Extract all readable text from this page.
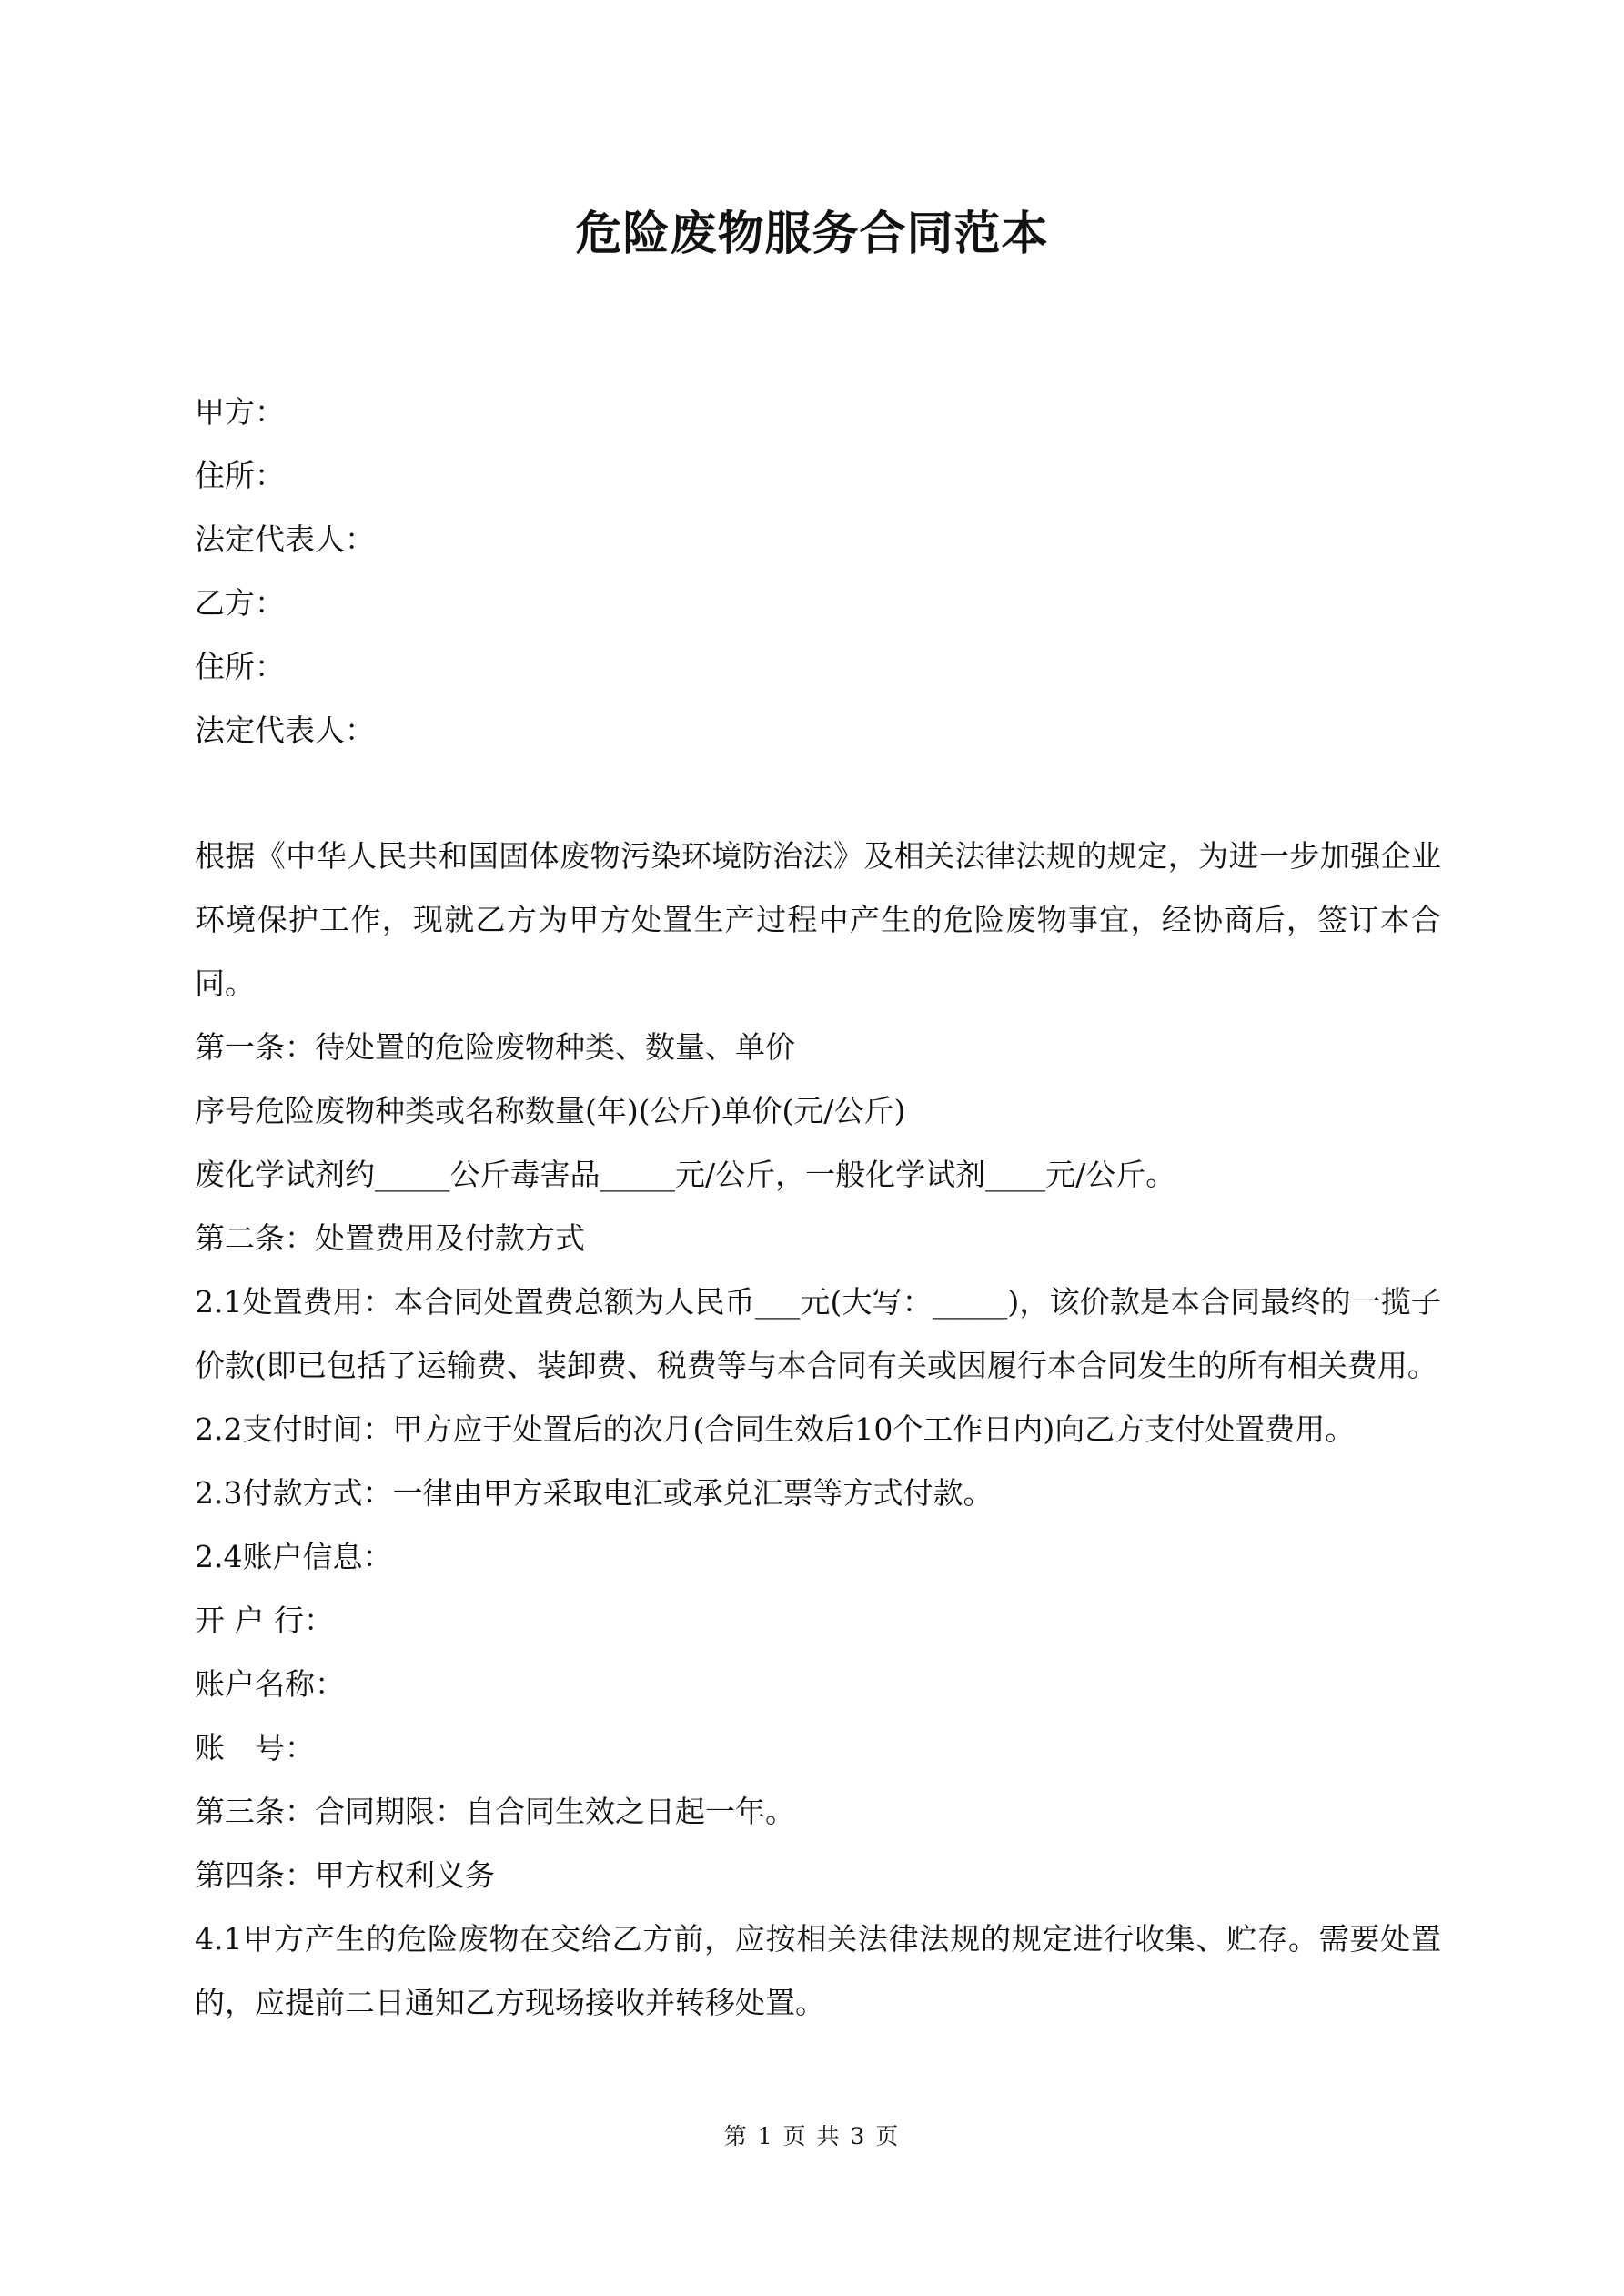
危险废物服务合同范本
甲方：
住所：
法定代表人：
乙方：
住所：
法定代表人：
根据《中华人民共和国固体废物污染环境防治法》及相关法律法规的规定，为进一步加强企业环境保护工作，现就乙方为甲方处置生产过程中产生的危险废物事宜，经协商后，签订本合同。
第一条：待处置的危险废物种类、数量、单价
序号危险废物种类或名称数量(年)(公斤)单价(元/公斤)
废化学试剂约_____公斤毒害品_____元/公斤，一般化学试剂____元/公斤。
第二条：处置费用及付款方式
2.1处置费用：本合同处置费总额为人民币___元(大写：_____)，该价款是本合同最终的一揽子价款(即已包括了运输费、装卸费、税费等与本合同有关或因履行本合同发生的所有相关费用。
2.2支付时间：甲方应于处置后的次月(合同生效后10个工作日内)向乙方支付处置费用。
2.3付款方式：一律由甲方采取电汇或承兑汇票等方式付款。
2.4账户信息：
开 户 行：
账户名称：
账　号：
第三条：合同期限：自合同生效之日起一年。
第四条：甲方权利义务
4.1甲方产生的危险废物在交给乙方前，应按相关法律法规的规定进行收集、贮存。需要处置的，应提前二日通知乙方现场接收并转移处置。
第 1 页 共 3 页
